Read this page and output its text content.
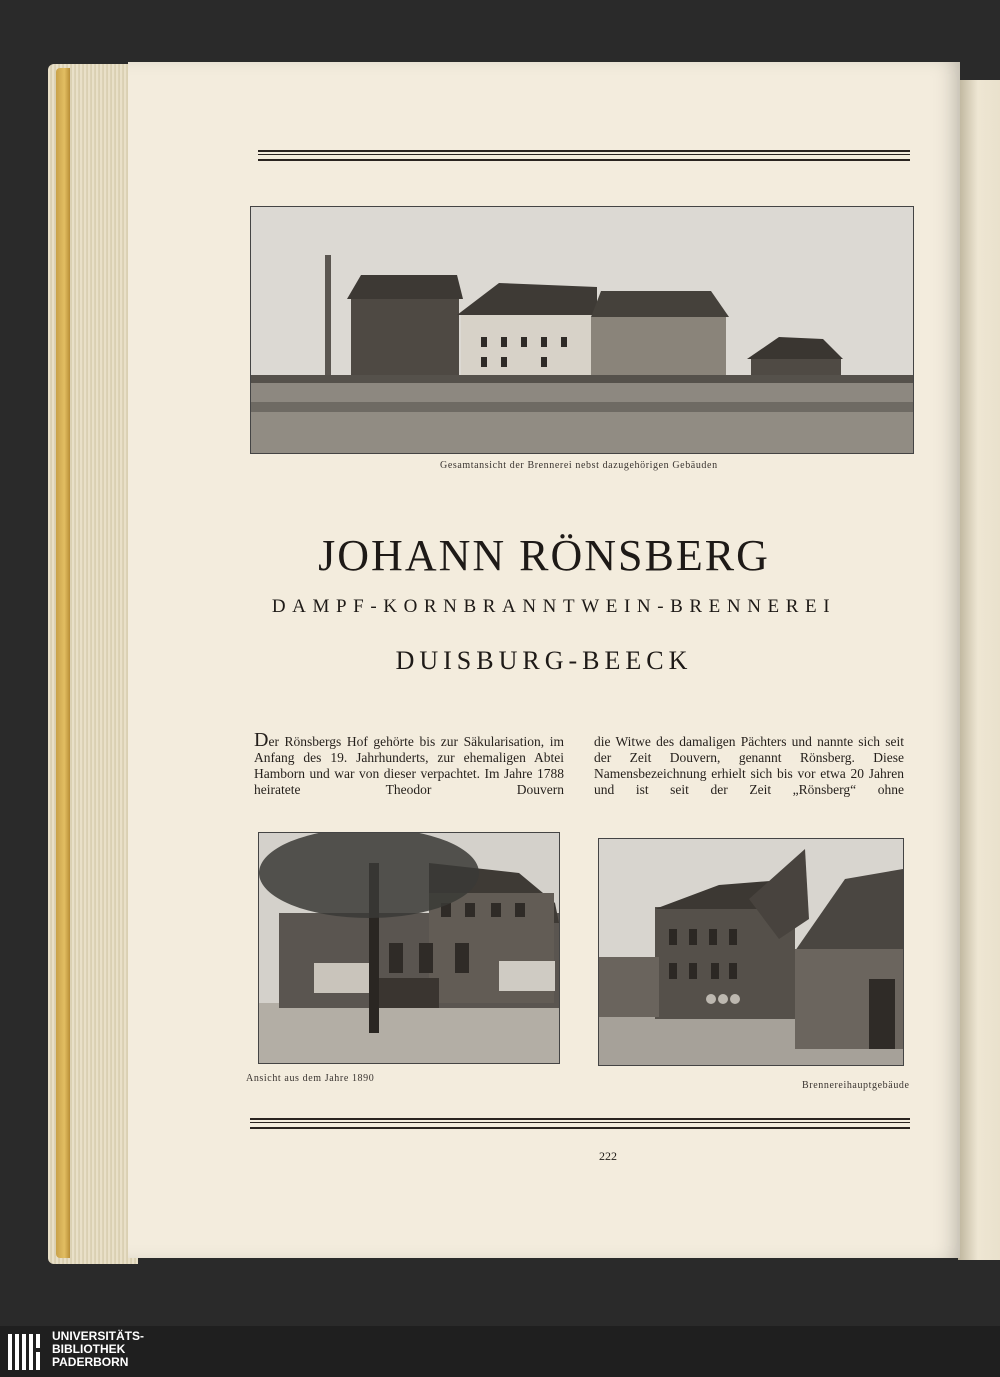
Gesamtansicht der Brennerei nebst dazugehörigen Gebäuden
JOHANN RÖNSBERG
DAMPF-KORNBRANNTWEIN-BRENNEREI
DUISBURG-BEECK

Der Rönsbergs Hof gehörte bis zur Säkularisation, im Anfang des 19. Jahrhunderts, zur ehemaligen Abtei Hamborn und war von dieser verpachtet. Im Jahre 1788 heiratete Theodor Douvern

die Witwe des damaligen Pächters und nannte sich seit der Zeit Douvern, genannt Rönsberg. Diese Namensbezeichnung erhielt sich bis vor etwa 20 Jahren und ist seit der Zeit „Rönsberg“ ohne

Ansicht aus dem Jahre 1890
Brennereihauptgebäude
222
UNIVERSITÄTS-
BIBLIOTHEK
PADERBORN
